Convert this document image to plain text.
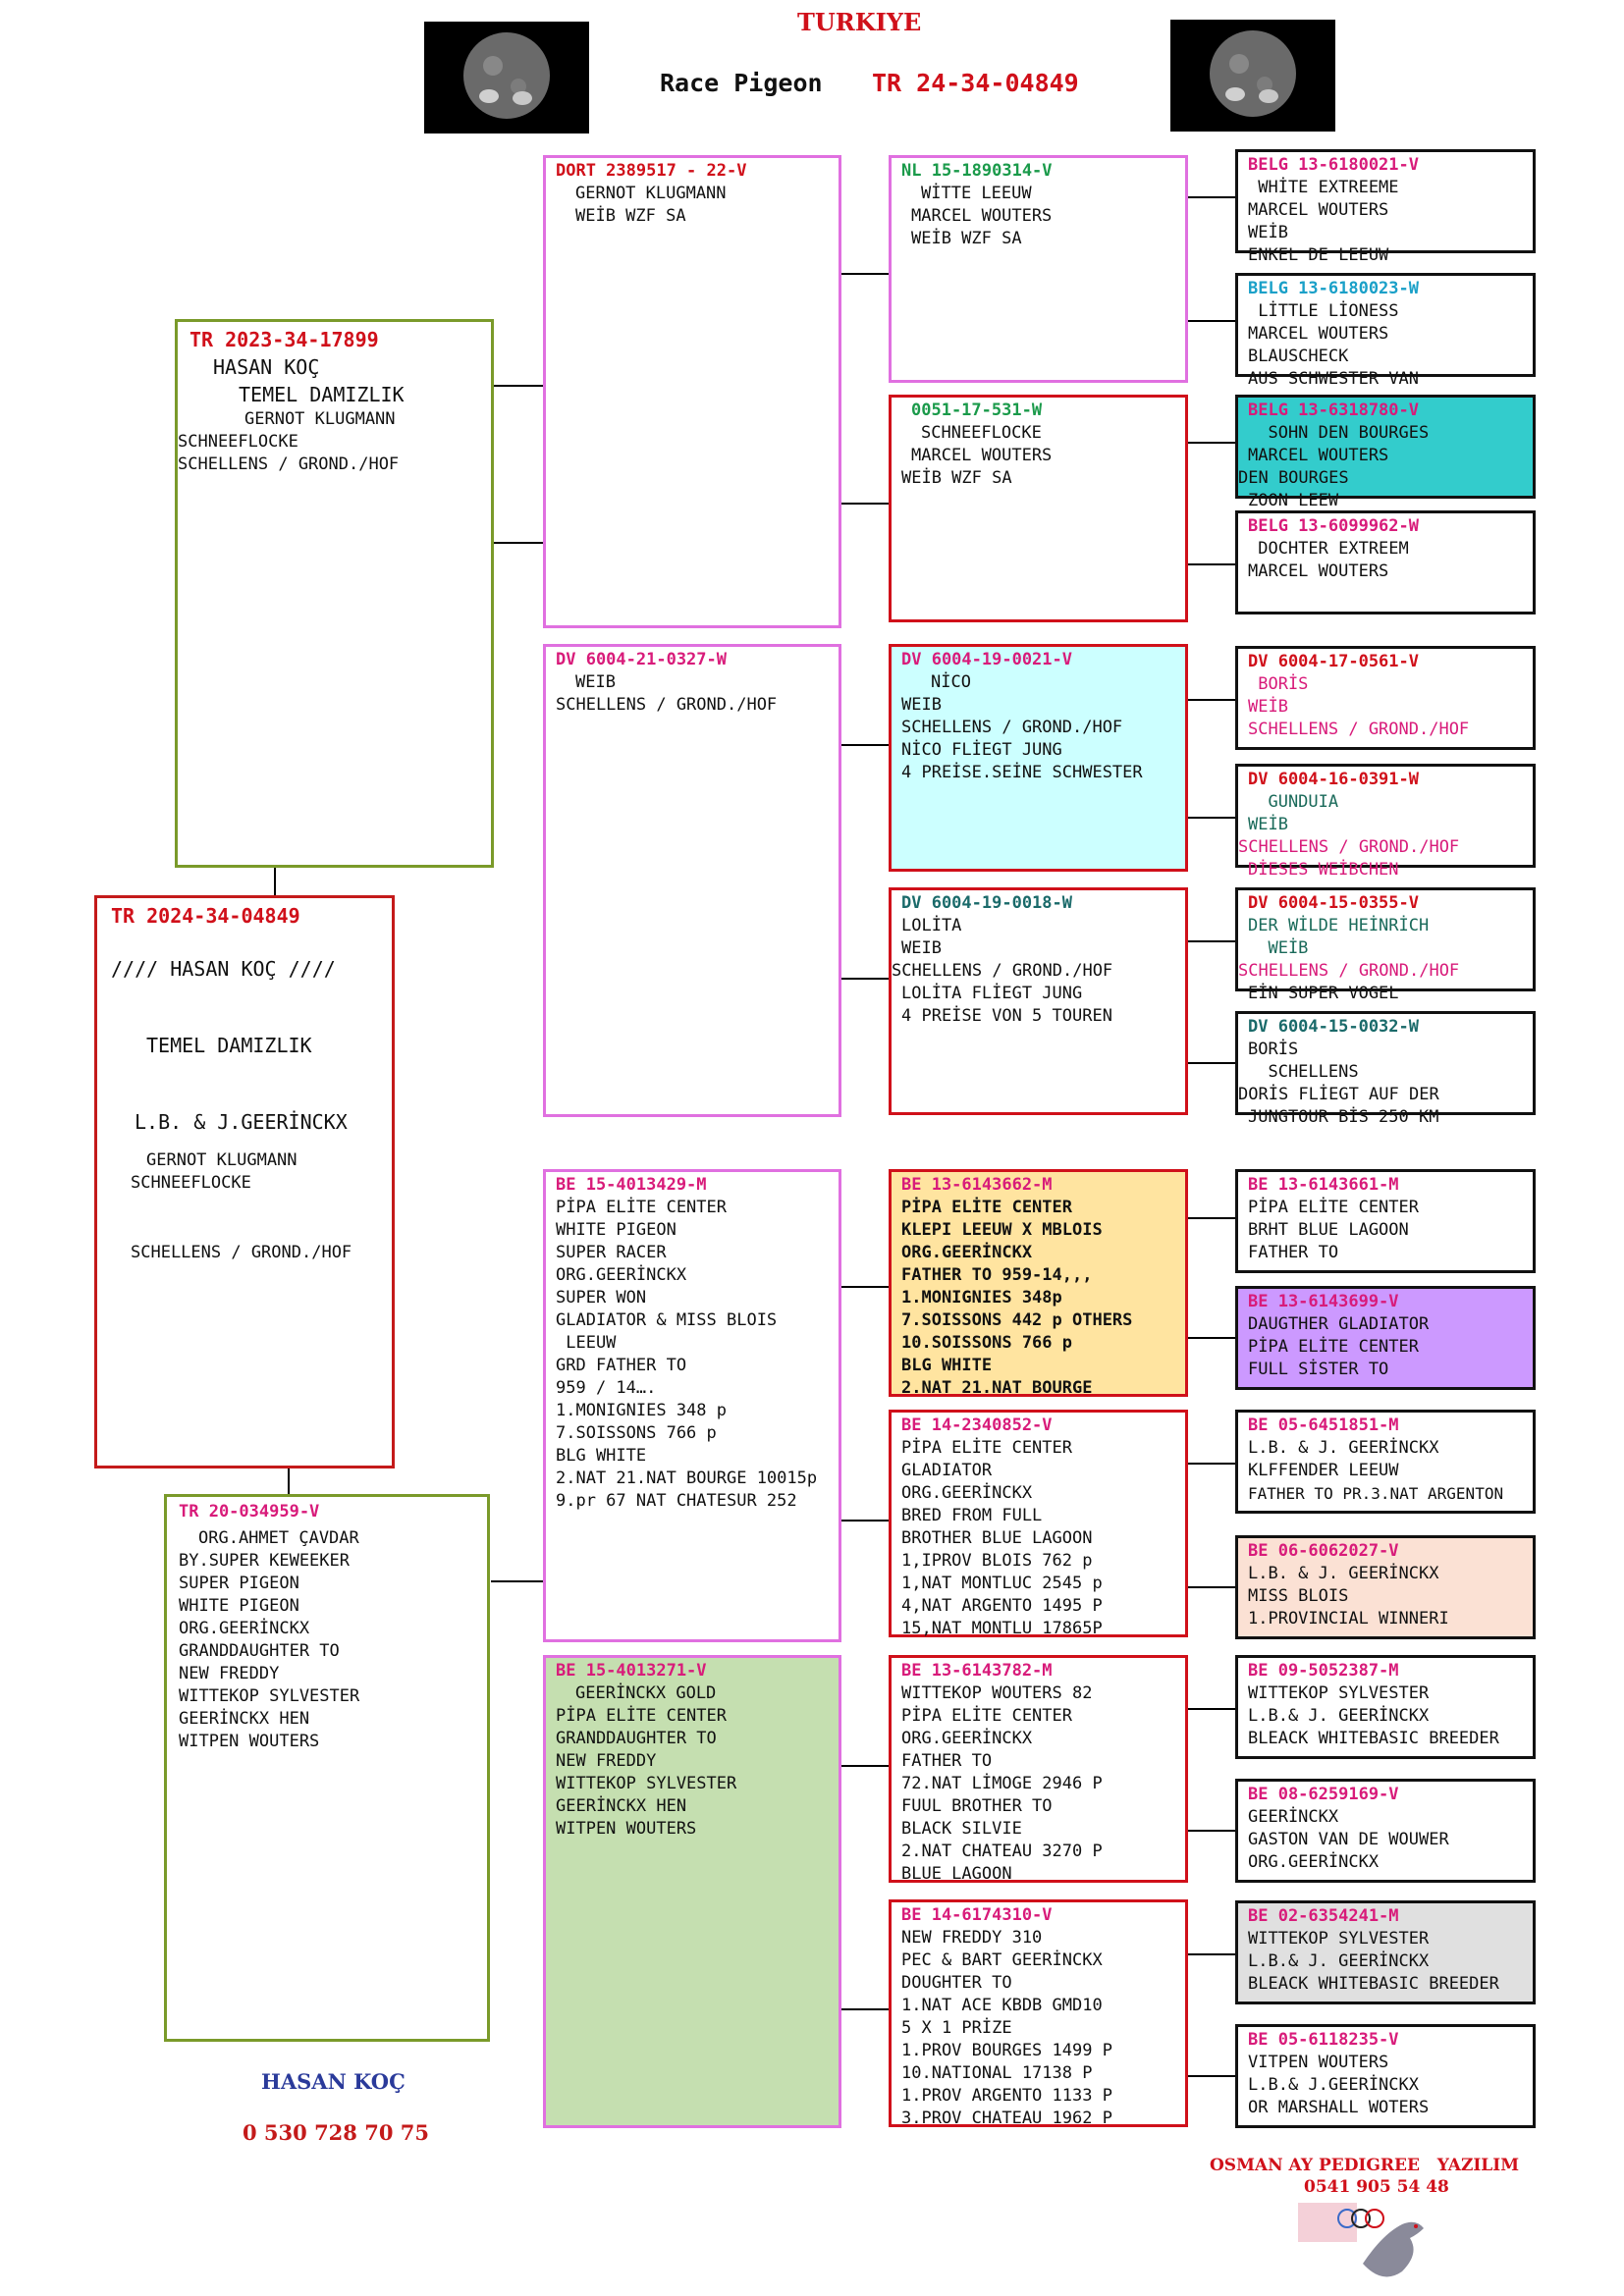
TURKIYE
Race Pigeon TR 24-34-04849
TR 2023-34-17899
HASAN KOÇ
TEMEL DAMIZLIK
GERNOT KLUGMANN
SCHNEEFLOCKE
SCHELLENS / GROND./HOF
TR 2024-34-04849
//// HASAN KOÇ ////
TEMEL DAMIZLIK
L.B. & J.GEERİNCKX
GERNOT KLUGMANN
SCHNEEFLOCKE
SCHELLENS / GROND./HOF
TR 20-034959-V
ORG.AHMET ÇAVDAR
BY.SUPER KEWEEKER
SUPER PIGEON
WHITE PIGEON
ORG.GEERİNCKX
GRANDDAUGHTER TO
NEW FREDDY
WITTEKOP SYLVESTER
GEERİNCKX HEN
WITPEN WOUTERS
DORT 2389517 - 22-V
GERNOT KLUGMANN
WEİB WZF SA
DV 6004-21-0327-W
WEIB
SCHELLENS / GROND./HOF
BE 15-4013429-M
PİPA ELİTE CENTER
WHITE PIGEON
SUPER RACER
ORG.GEERİNCKX
SUPER WON
GLADIATOR & MISS BLOIS
LEEUW
GRD FATHER TO
959 / 14….
1.MONIGNIES 348 p
7.SOISSONS 766 p
BLG WHITE
2.NAT 21.NAT BOURGE 10015p
9.pr 67 NAT CHATESUR 252
BE 15-4013271-V
GEERİNCKX GOLD
PİPA ELİTE CENTER
GRANDDAUGHTER TO
NEW FREDDY
WITTEKOP SYLVESTER
GEERİNCKX HEN
WITPEN WOUTERS
NL 15-1890314-V
WİTTE LEEUW
MARCEL WOUTERS
WEİB WZF SA
0051-17-531-W
SCHNEEFLOCKE
MARCEL WOUTERS
WEİB WZF SA
DV 6004-19-0021-V
NİCO
WEIB
SCHELLENS / GROND./HOF
NİCO FLİEGT JUNG
4 PREİSE.SEİNE SCHWESTER
DV 6004-19-0018-W
LOLİTA
WEIB
SCHELLENS / GROND./HOF
LOLİTA FLİEGT JUNG
4 PREİSE VON 5 TOUREN
BE 13-6143662-M
PİPA ELİTE CENTER
KLEPI LEEUW X MBLOIS
ORG.GEERİNCKX
FATHER TO 959-14,,,
1.MONIGNIES 348p
7.SOISSONS 442 p OTHERS
10.SOISSONS 766 p
BLG WHITE
2.NAT 21.NAT BOURGE
BE 14-2340852-V
PİPA ELİTE CENTER
GLADIATOR
ORG.GEERİNCKX
BRED FROM FULL
BROTHER BLUE LAGOON
1,IPROV BLOIS 762 p
1,NAT MONTLUC 2545 p
4,NAT ARGENTO 1495 P
15,NAT MONTLU 17865P
BE 13-6143782-M
WITTEKOP WOUTERS 82
PİPA ELİTE CENTER
ORG.GEERİNCKX
FATHER TO
72.NAT LİMOGE 2946 P
FUUL BROTHER TO
BLACK SILVIE
2.NAT CHATEAU 3270 P
BLUE LAGOON
BE 14-6174310-V
NEW FREDDY 310
PEC & BART GEERİNCKX
DOUGHTER TO
1.NAT ACE KBDB GMD10
5 X 1 PRİZE
1.PROV BOURGES 1499 P
10.NATIONAL 17138 P
1.PROV ARGENTO 1133 P
3.PROV CHATEAU 1962 P
BELG 13-6180021-V
WHİTE EXTREEME
MARCEL WOUTERS
WEİB
ENKEL DE LEEUW
BELG 13-6180023-W
LİTTLE LİONESS
MARCEL WOUTERS
BLAUSCHECK
AUS SCHWESTER VAN
BELG 13-6318780-V
SOHN DEN BOURGES
MARCEL WOUTERS
DEN BOURGES
ZOON LEEW
BELG 13-6099962-W
DOCHTER EXTREEM
MARCEL WOUTERS
DV 6004-17-0561-V
BORİS
WEİB
SCHELLENS / GROND./HOF
DV 6004-16-0391-W
GUNDUIA
WEİB
SCHELLENS / GROND./HOF
DİESES WEİBCHEN
DV 6004-15-0355-V
DER WİLDE HEİNRİCH
WEİB
SCHELLENS / GROND./HOF
EİN SUPER VOGEL
DV 6004-15-0032-W
BORİS
SCHELLENS
DORİS FLİEGT AUF DER
JUNGTOUR BİS 250 KM
BE 13-6143661-M
PİPA ELİTE CENTER
BRHT BLUE LAGOON
FATHER TO
BE 13-6143699-V
DAUGTHER GLADIATOR
PİPA ELİTE CENTER
FULL SİSTER TO
BE 05-6451851-M
L.B. & J. GEERİNCKX
KLFFENDER LEEUW
FATHER TO PR.3.NAT ARGENTON
BE 06-6062027-V
L.B. & J. GEERİNCKX
MISS BLOIS
1.PROVINCIAL WINNERI
BE 09-5052387-M
WITTEKOP SYLVESTER
L.B.& J. GEERİNCKX
BLEACK WHITEBASIC BREEDER
BE 08-6259169-V
GEERİNCKX
GASTON VAN DE WOUWER
ORG.GEERİNCKX
BE 02-6354241-M
WITTEKOP SYLVESTER
L.B.& J. GEERİNCKX
BLEACK WHITEBASIC BREEDER
BE 05-6118235-V
VITPEN WOUTERS
L.B.& J.GEERİNCKX
OR MARSHALL WOTERS
HASAN KOÇ
0 530 728 70 75
OSMAN AY PEDIGREE   YAZILIM
0541 905 54 48
